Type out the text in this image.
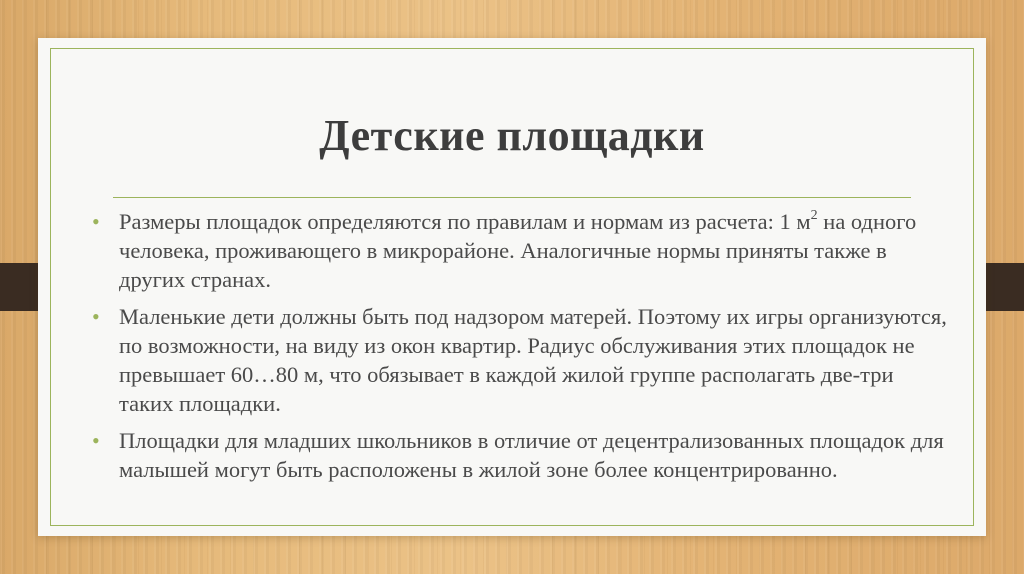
Детские площадки
• Размеры площадок определяются по правилам и нормам из расчета: 1 $м^2$ на одного человека, проживающего в микрорайоне. Аналогичные нормы приняты также в других странах.
• Маленькие дети должны быть под надзором матерей. Поэтому их игры организуются, по возможности, на виду из окон квартир. Радиус обслуживания этих площадок не превышает 60…80 м, что обязывает в каждой жилой группе располагать две-три таких площадки.
• Площадки для младших школьников в отличие от децентрализованных площадок для малышей могут быть расположены в жилой зоне более концентрированно.
